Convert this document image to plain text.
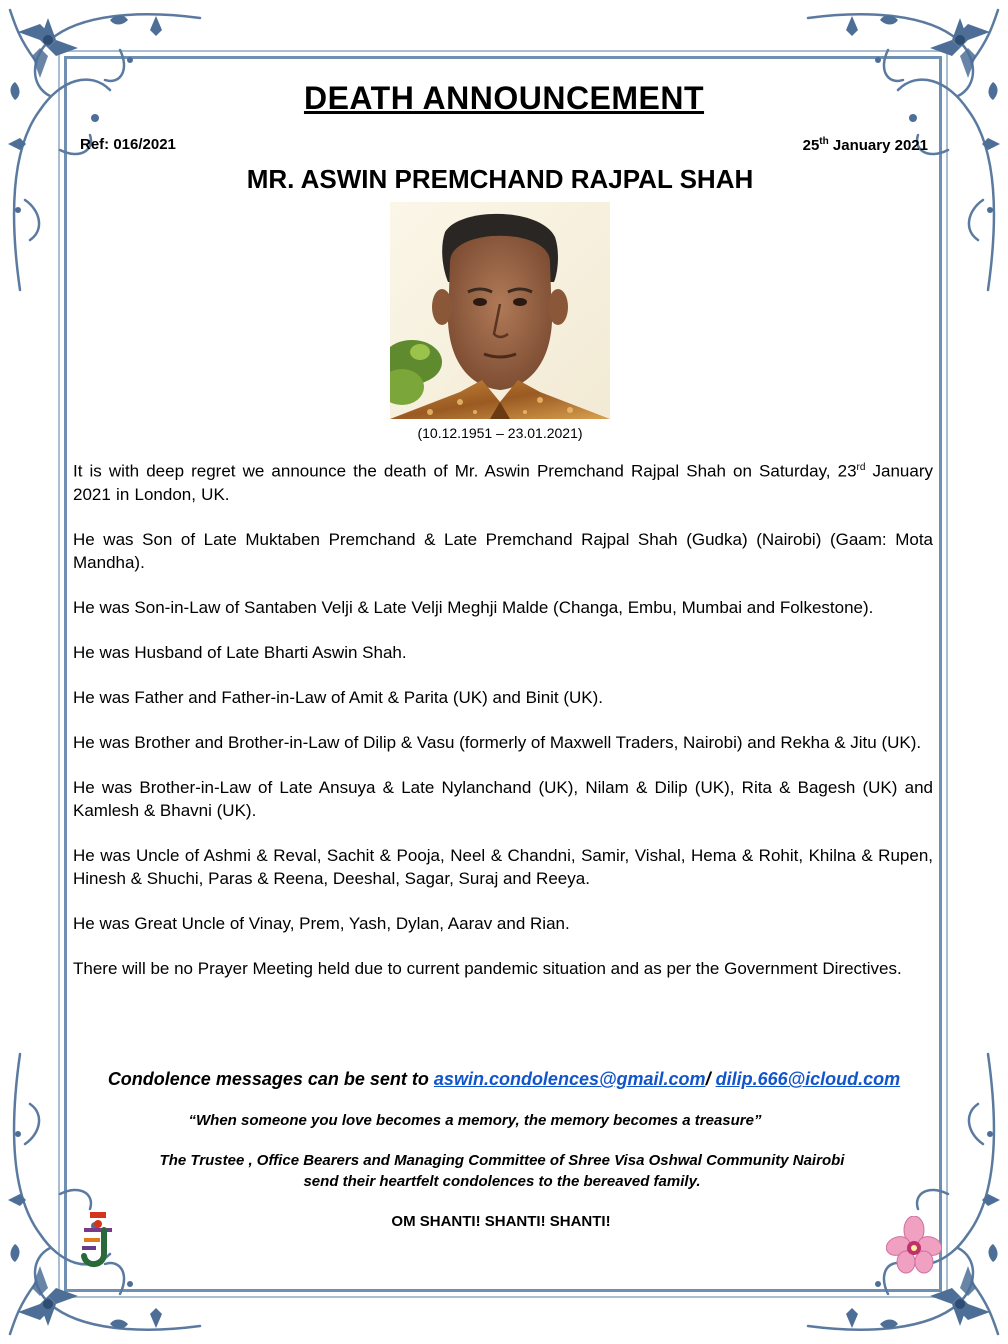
DEATH ANNOUNCEMENT
Ref: 016/2021	25th January 2021
MR. ASWIN PREMCHAND RAJPAL SHAH
(10.12.1951 – 23.01.2021)

It is with deep regret we announce the death of Mr. Aswin Premchand Rajpal Shah on Saturday, 23rd January 2021 in London, UK.

He was Son of Late Muktaben Premchand & Late Premchand Rajpal Shah (Gudka) (Nairobi) (Gaam: Mota Mandha).

He was Son-in-Law of Santaben Velji & Late Velji Meghji Malde (Changa, Embu, Mumbai and Folkestone).

He was Husband of Late Bharti Aswin Shah.

He was Father and Father-in-Law of Amit & Parita (UK) and Binit (UK).

He was Brother and Brother-in-Law of Dilip & Vasu (formerly of Maxwell Traders, Nairobi) and Rekha & Jitu (UK).

He was Brother-in-Law of Late Ansuya & Late Nylanchand (UK), Nilam & Dilip (UK), Rita & Bagesh (UK) and Kamlesh & Bhavni (UK).

He was Uncle of Ashmi & Reval, Sachit & Pooja, Neel & Chandni, Samir, Vishal, Hema & Rohit, Khilna & Rupen, Hinesh & Shuchi, Paras & Reena, Deeshal, Sagar, Suraj and Reeya.

He was Great Uncle of Vinay, Prem, Yash, Dylan, Aarav and Rian.

There will be no Prayer Meeting held due to current pandemic situation and as per the Government Directives.

Condolence messages can be sent to aswin.condolences@gmail.com/ dilip.666@icloud.com
“When someone you love becomes a memory, the memory becomes a treasure”
The Trustee , Office Bearers and Managing Committee of Shree Visa Oshwal Community Nairobi
send their heartfelt condolences to the bereaved family.
OM SHANTI! SHANTI! SHANTI!
